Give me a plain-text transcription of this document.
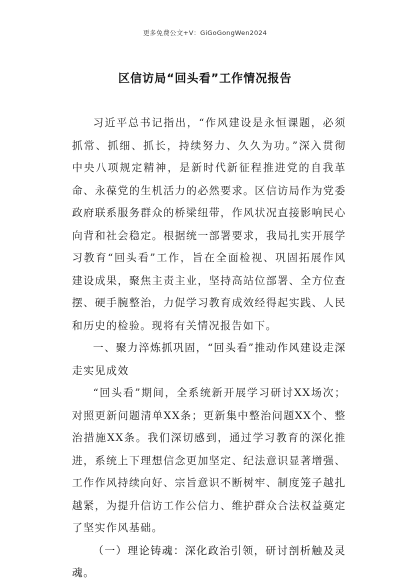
更多免费公文+V：GiGoGongWen2024
区信访局“回头看”工作情况报告

习近平总书记指出，“作风建设是永恒课题，必须抓常、抓细、抓长，持续努力、久久为功。”深入贯彻中央八项规定精神，是新时代新征程推进党的自我革命、永葆党的生机活力的必然要求。区信访局作为党委政府联系服务群众的桥梁纽带，作风状况直接影响民心向背和社会稳定。根据统一部署要求，我局扎实开展学习教育“回头看”工作，旨在全面检视、巩固拓展作风建设成果，聚焦主责主业，坚持高站位部署、全方位查摆、硬手腕整治，力促学习教育成效经得起实践、人民和历史的检验。现将有关情况报告如下。

一、聚力淬炼抓巩固，“回头看”推动作风建设走深走实见成效

“回头看”期间，全系统新开展学习研讨XX场次；对照更新问题清单XX条；更新集中整治问题XX个、整治措施XX条。我们深切感到，通过学习教育的深化推进，系统上下理想信念更加坚定、纪法意识显著增强、工作作风持续向好、宗旨意识不断树牢、制度笼子越扎越紧，为提升信访工作公信力、维护群众合法权益奠定了坚实作风基础。

（一）理论铸魂：深化政治引领，研讨剖析触及灵魂。
